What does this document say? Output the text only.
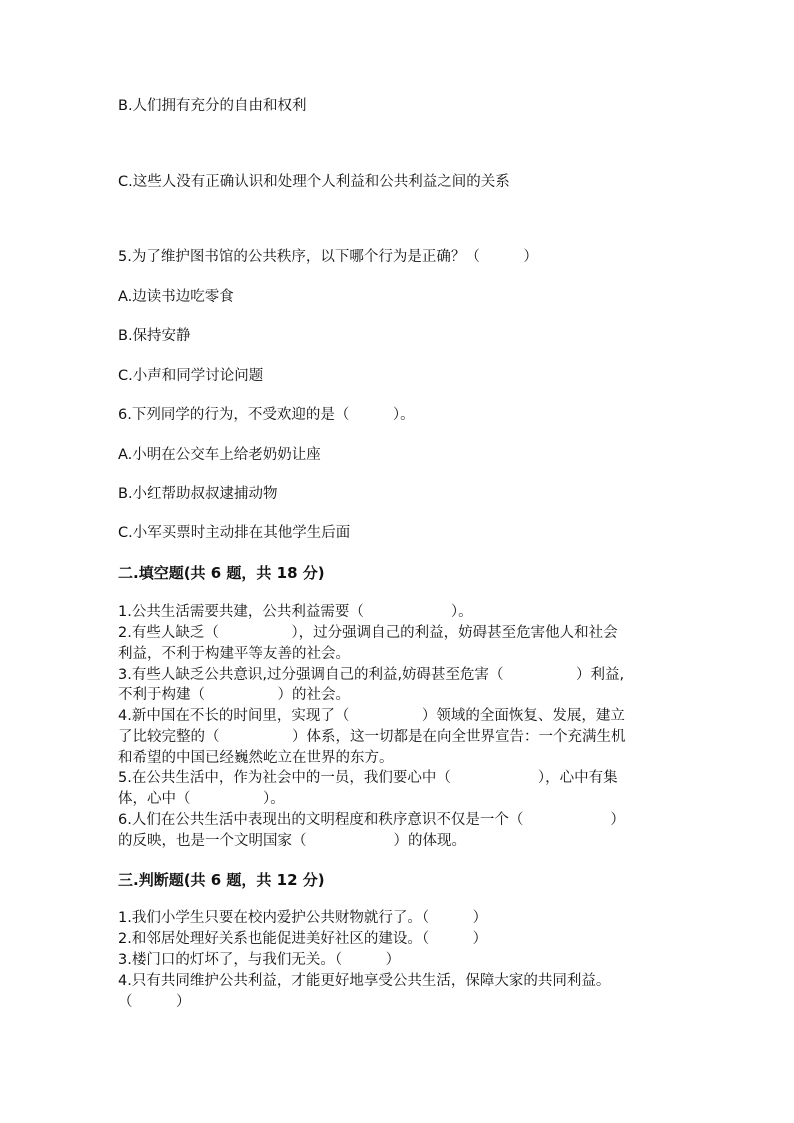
B.人们拥有充分的自由和权利
C.这些人没有正确认识和处理个人利益和公共利益之间的关系
5.为了维护图书馆的公共秩序，以下哪个行为是正确？（　　　）
A.边读书边吃零食
B.保持安静
C.小声和同学讨论问题
6.下列同学的行为，不受欢迎的是（　　　）。
A.小明在公交车上给老奶奶让座
B.小红帮助叔叔逮捕动物
C.小军买票时主动排在其他学生后面
二.填空题(共 6 题，共 18 分)
1.公共生活需要共建，公共利益需要（　　　　　　）。
2.有些人缺乏（　　　　　），过分强调自己的利益，妨碍甚至危害他人和社会
利益，不利于构建平等友善的社会。
3.有些人缺乏公共意识,过分强调自己的利益,妨碍甚至危害（　　　　　）利益,
不利于构建（　　　　　）的社会。
4.新中国在不长的时间里，实现了（　　　　　）领域的全面恢复、发展，建立
了比较完整的（　　　　　）体系，这一切都是在向全世界宣告：一个充满生机
和希望的中国已经巍然屹立在世界的东方。
5.在公共生活中，作为社会中的一员，我们要心中（　　　　　　），心中有集
体，心中（　　　　　）。
6.人们在公共生活中表现出的文明程度和秩序意识不仅是一个（　　　　　　）
的反映，也是一个文明国家（　　　　　　）的体现。
三.判断题(共 6 题，共 12 分)
1.我们小学生只要在校内爱护公共财物就行了。（　　　）
2.和邻居处理好关系也能促进美好社区的建设。（　　　）
3.楼门口的灯坏了，与我们无关。（　　　）
4.只有共同维护公共利益，才能更好地享受公共生活，保障大家的共同利益。
（　　　）
